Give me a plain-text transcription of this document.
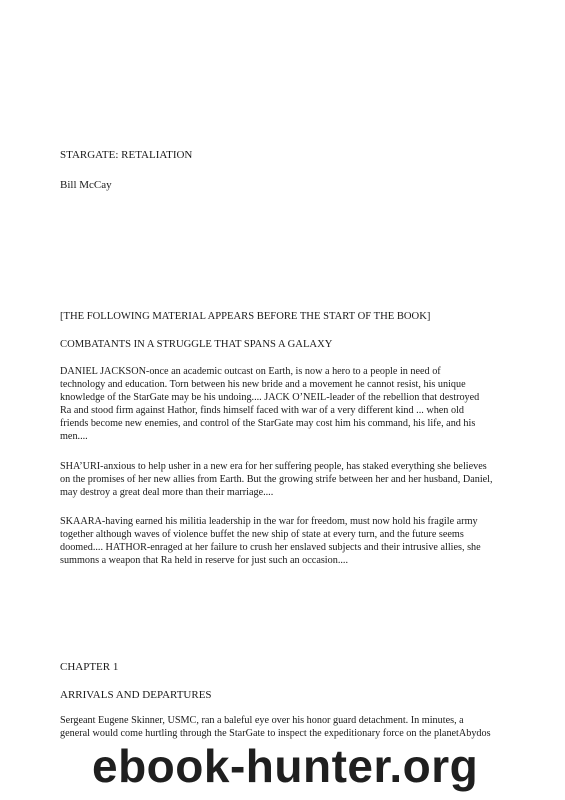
STARGATE: RETALIATION
Bill McCay
[THE FOLLOWING MATERIAL APPEARS BEFORE THE START OF THE BOOK]
COMBATANTS IN A STRUGGLE THAT SPANS A GALAXY
DANIEL JACKSON-once an academic outcast on Earth, is now a hero to a people in need of
technology and education. Torn between his new bride and a movement he cannot resist, his unique
knowledge of the StarGate may be his undoing.... JACK O’NEIL-leader of the rebellion that destroyed
Ra and stood firm against Hathor, finds himself faced with war of a very different kind ... when old
friends become new enemies, and control of the StarGate may cost him his command, his life, and his
men....
SHA’URI-anxious to help usher in a new era for her suffering people, has staked everything she believes
on the promises of her new allies from Earth. But the growing strife between her and her husband, Daniel,
may destroy a great deal more than their marriage....
SKAARA-having earned his militia leadership in the war for freedom, must now hold his fragile army
together although waves of violence buffet the new ship of state at every turn, and the future seems
doomed.... HATHOR-enraged at her failure to crush her enslaved subjects and their intrusive allies, she
summons a weapon that Ra held in reserve for just such an occasion....
CHAPTER 1
ARRIVALS AND DEPARTURES
Sergeant Eugene Skinner, USMC, ran a baleful eye over his honor guard detachment. In minutes, a
general would come hurtling through the StarGate to inspect the expeditionary force on the planetAbydos
ebook-hunter.org
